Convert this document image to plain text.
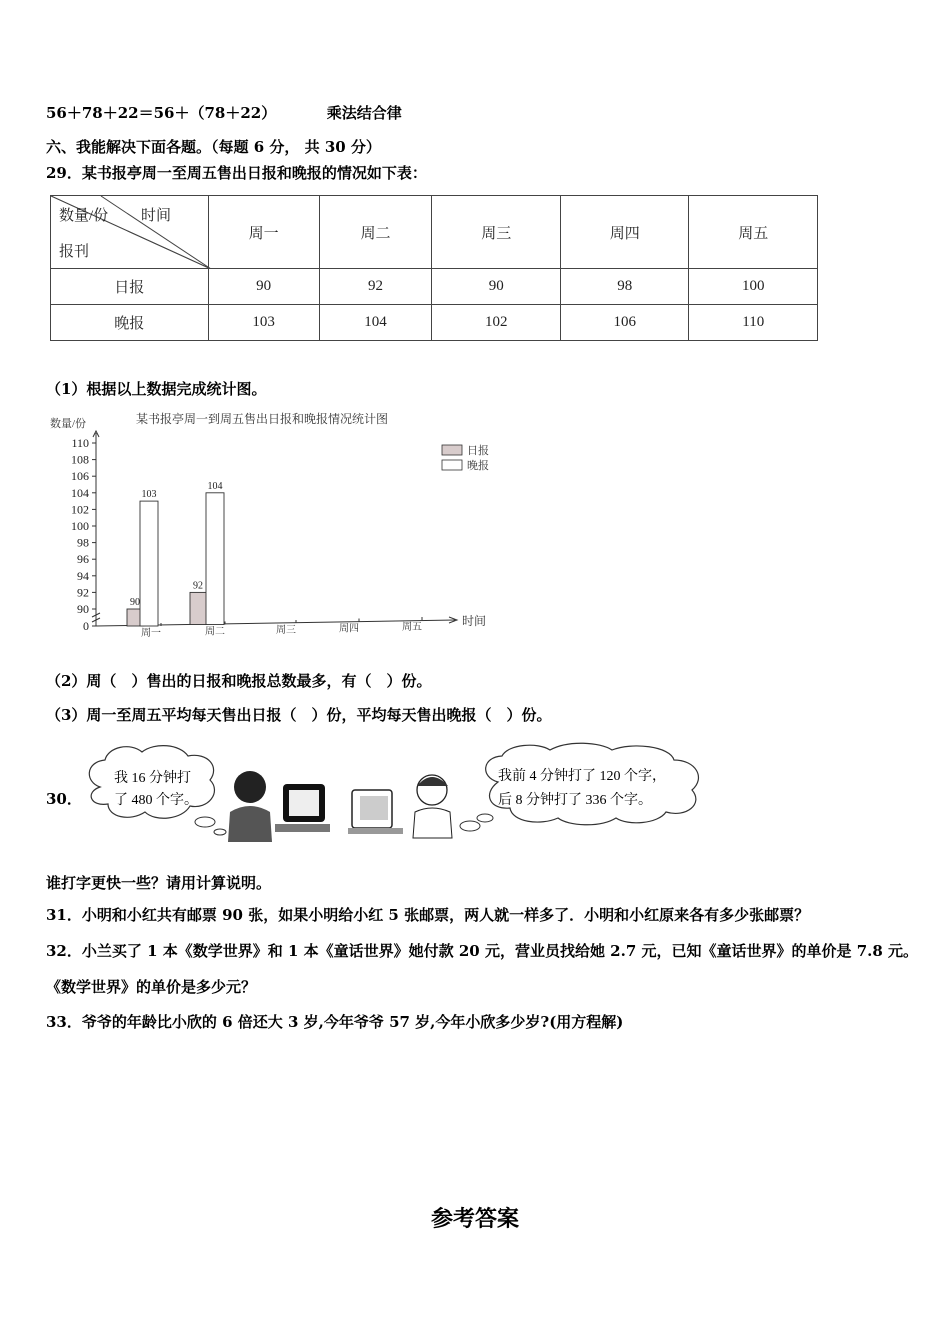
56＋78＋22＝56＋（78＋22）	乘法结合律
六、我能解决下面各题。（每题 6 分， 共 30 分）
29．某书报亭周一至周五售出日报和晚报的情况如下表：
数量/份 时间
报刊	周一	周二	周三	周四	周五
日报	90	92	90	98	100
晚报	103	104	102	106	110
（1）根据以上数据完成统计图。
某书报亭周一到周五售出日报和晚报情况统计图
数量/份
时间
日报
晚报
110
108
106
104
102
100
98
96
94
92
90
0
周一	周二	周三	周四	周五
90
92
103
104
（2）周（　）售出的日报和晚报总数最多，有（　）份。
（3）周一至周五平均每天售出日报（　）份，平均每天售出晚报（　）份。
30．
我 16 分钟打
了 480 个字。
我前 4 分钟打了 120 个字，
后 8 分钟打了 336 个字。
谁打字更快一些？请用计算说明。
31．小明和小红共有邮票 90 张，如果小明给小红 5 张邮票，两人就一样多了．小明和小红原来各有多少张邮票？
32．小兰买了 1 本《数学世界》和 1 本《童话世界》她付款 20 元，营业员找给她 2.7 元，已知《童话世界》的单价是 7.8 元。
《数学世界》的单价是多少元？
33．爷爷的年龄比小欣的 6 倍还大 3 岁,今年爷爷 57 岁,今年小欣多少岁?(用方程解)
参考答案
